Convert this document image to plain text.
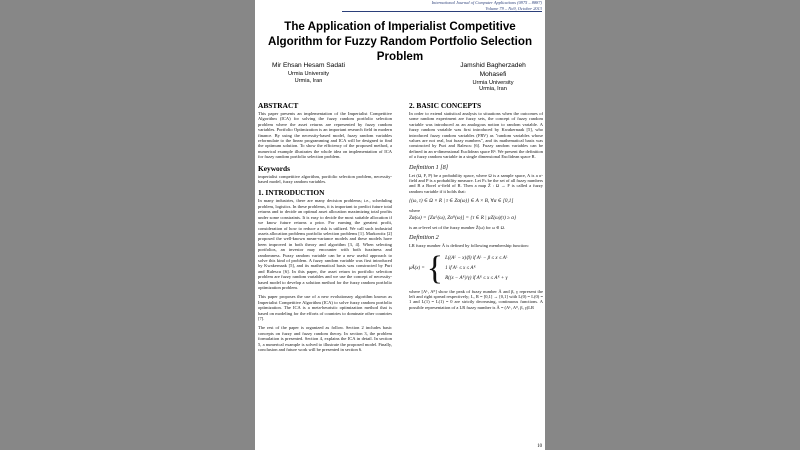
International Journal of Computer Applications (0975 – 8887)
Volume 79 – No9, October 2013
The Application of Imperialist Competitive Algorithm for Fuzzy Random Portfolio Selection Problem
Mir Ehsan Hesam Sadati
Urmia University
Urmia, Iran
Jamshid Bagherzadeh Mohasefi
Urmia University
Urmia, Iran
ABSTRACT

This paper presents an implementation of the Imperialist Competitive Algorithm (ICA) for solving the fuzzy random portfolio selection problem where the asset returns are represented by fuzzy random variables. Portfolio Optimization is an important research field in modern finance. By using the necessity-based model, fuzzy random variables reformulate to the linear programming and ICA will be designed to find the optimum solution. To show the efficiency of the proposed method, a numerical example illustrates the whole idea on implementation of ICA for fuzzy random portfolio selection problem.

Keywords

imperialist competitive algorithm, portfolio selection problem, necessity-based model, fuzzy random variables.

1. INTRODUCTION

In many industries, there are many decision problems; i.e., scheduling problem, logistics. In these problems, it is important to predict future total returns and to decide an optimal asset allocation maximizing total profits under some constraints. It is easy to decide the most suitable allocation if we know future returns a prior. For earning the greatest profit, consideration of how to reduce a risk is utilized. We call such industrial assets allocation problems portfolio selection problems [1]. Markowitz [2] proposed the well-known mean-variance models and these models have been improved in both theory and algorithm [3, 4]. When selecting portfolios, an investor may encounter with both fuzziness and randomness. Fuzzy random variable can be a new useful approach to solve this kind of problem. A fuzzy random variable was first introduced by Kwakernaak [5], and its mathematical basis was constructed by Puri and Ralescu [6]. In this paper, the asset return in portfolio selection problem are fuzzy random variables and we use the concept of necessity-based model to develop a solution method for the fuzzy random portfolio optimization problem.

This paper proposes the use of a new evolutionary algorithm known as Imperialist Competitive Algorithm (ICA) to solve fuzzy random portfolio optimization. The ICA is a meta-heuristic optimization method that is based on modeling for the efforts of countries to dominate other countries [7].

The rest of the paper is organized as follow. Section 2 includes basic concepts on fuzzy and fuzzy random theory. In section 3, the problem formulation is presented. Section 4, explains the ICA in detail. In section 5, a numerical example is solved to illustrate the proposed model. Finally, conclusion and future work will be presented in section 6.

2. BASIC CONCEPTS

In order to extend statistical analysis to situations when the outcomes of some random experiment are fuzzy sets, the concept of fuzzy random variable was introduced as an analogous notion to random variable. A fuzzy random variable was first introduced by Kwakernaak [5], who introduced fuzzy random variables (FRV) as "random variables whose values are not real, but fuzzy numbers", and its mathematical basis was constructed by Puri and Ralescu [6]. Fuzzy random variables can be defined in an n-dimensional Euclidean space Rⁿ. We present the definition of a fuzzy random variable in a single dimensional Euclidean space R.

Definition 1 [8]

Let (Ω, F, P) be a probability space, where Ω is a sample space, A is a σ-field and P is a probability measure. Let Fₙ be the set of all fuzzy numbers and B a Borel σ-field of R. Then a map Z̃ : Ω → F is called a fuzzy random variable if it holds that:

{(ω, τ) ∈ Ω × R | τ ∈ Z̃α(ω)} ∈ A × B, ∀α ∈ [0,1]
where
Z̃α(ω) = [Z̃αᴸ(ω), Z̃αᴿ(ω)] = {τ ∈ R | μZ̃(ω)(τ) ≥ α}

is an α-level set of the fuzzy number Z̃(ω) for ω ∈ Ω.

Definition 2

LR fuzzy number Ã is defined by following membership function:

μÃ(x) = { L((Aᴸ − x)/β) if Aᴸ − β ≤ x ≤ Aᴸ
1 if Aᴸ ≤ x ≤ Aᴿ
R((x − Aᴿ)/γ) if Aᴿ ≤ x ≤ Aᴿ + γ

where [Aᴸ, Aᴿ] show the peak of fuzzy number Ã and β, γ represent the left and right spread respectively; L, R = [0,1] → [0,1] with L(0) = L(0) = 1 and L(1) = L(1) = 0 are strictly decreasing, continuous functions. A possible representation of a LR fuzzy number is Ã = (Aᴸ, Aᴿ, β, γ)LR

10
